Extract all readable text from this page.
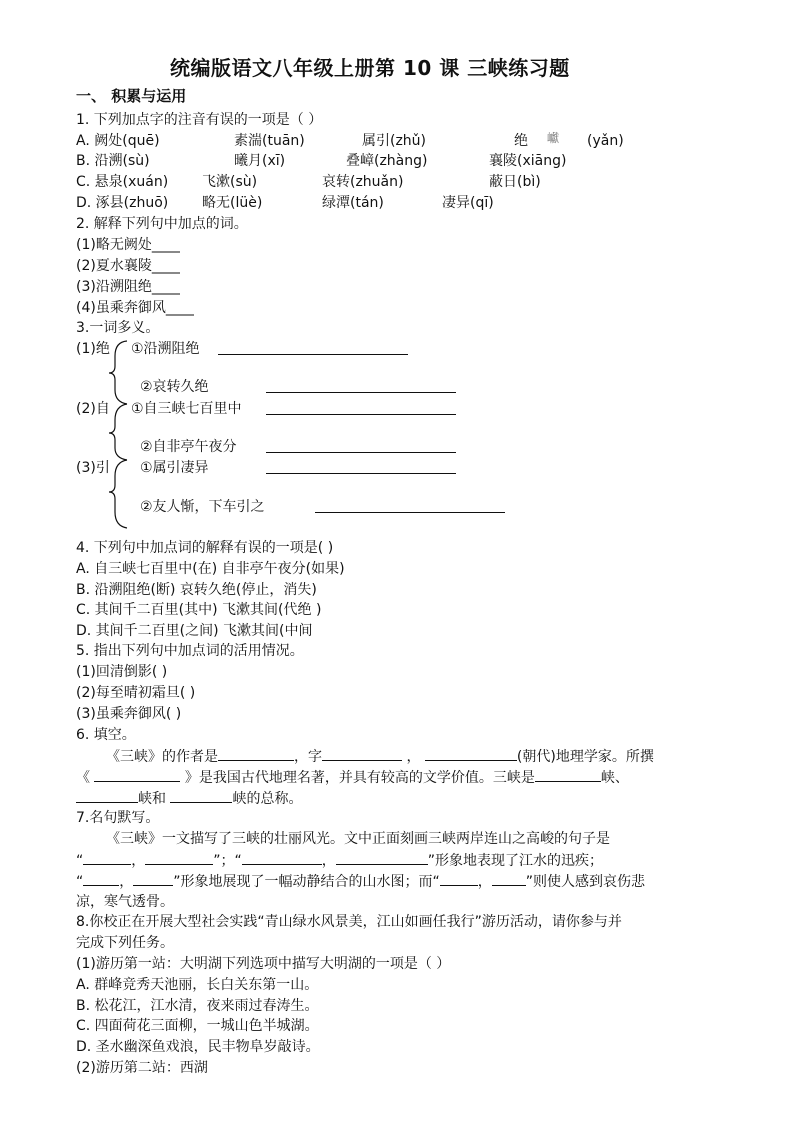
统编版语文八年级上册第 10 课 三峡练习题
一、 积累与运用
1. 下列加点字的注音有误的一项是（ ）
A. 阙处(quē)	素湍(tuān)	属引(zhǔ)	绝 巘 (yǎn)
B. 沿溯(sù)	曦月(xī)	叠嶂(zhàng)	襄陵(xiāng)
C. 悬泉(xuán) 飞漱(sù)	哀转(zhuǎn)	蔽日(bì)
D. 涿县(zhuō) 略无(lüè)	绿潭(tán)	凄异(qī)
2. 解释下列句中加点的词。
(1)略无阙处____
(2)夏水襄陵____
(3)沿溯阻绝____
(4)虽乘奔御风____
3.一词多义。
(1)绝 ①沿溯阻绝
②哀转久绝
(2)自 ①自三峡七百里中
②自非亭午夜分
(3)引 ①属引凄异
②友人惭，下车引之
4. 下列句中加点词的解释有误的一项是( )
A. 自三峡七百里中(在) 自非亭午夜分(如果)
B. 沿溯阻绝(断) 哀转久绝(停止，消失)
C. 其间千二百里(其中) 飞漱其间(代绝 )
D. 其间千二百里(之间) 飞漱其间(中间
5. 指出下列句中加点词的活用情况。
(1)回清倒影( )
(2)每至晴初霜旦( )
(3)虽乘奔御风( )
6. 填空。
《三峡》的作者是	，字	，	(朝代)地理学家。所撰
《	》是我国古代地理名著，并具有较高的文学价值。三峡是	峡、
峡和	峡的总称。
7.名句默写。
《三峡》一文描写了三峡的壮丽风光。文中正面刻画三峡两岸连山之高峻的句子是
“	，	”；“	，	”形象地表现了江水的迅疾；
“	，	”形象地展现了一幅动静结合的山水图；而“	， ”则使人感到哀伤悲
凉，寒气透骨。
8.你校正在开展大型社会实践“青山绿水风景美，江山如画任我行”游历活动，请你参与并
完成下列任务。
(1)游历第一站：大明湖下列选项中描写大明湖的一项是（ ）
A. 群峰竞秀天池丽，长白关东第一山。
B. 松花江，江水清，夜来雨过春涛生。
C. 四面荷花三面柳，一城山色半城湖。
D. 圣水幽深鱼戏浪，民丰物阜岁敲诗。
(2)游历第二站：西湖
